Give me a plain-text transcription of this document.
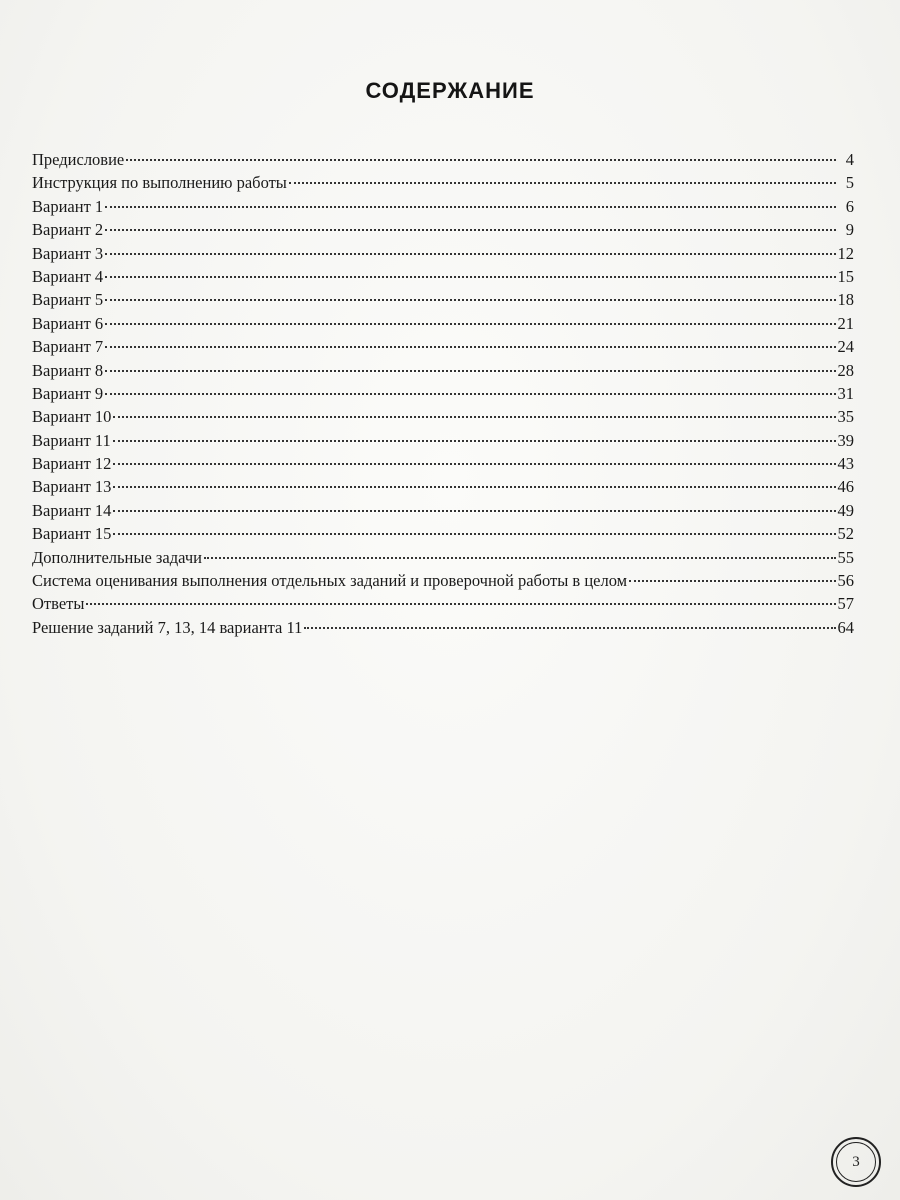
СОДЕРЖАНИЕ
Предисловие	4
Инструкция по выполнению работы	5
Вариант 1	6
Вариант 2	9
Вариант 3	12
Вариант 4	15
Вариант 5	18
Вариант 6	21
Вариант 7	24
Вариант 8	28
Вариант 9	31
Вариант 10	35
Вариант 11	39
Вариант 12	43
Вариант 13	46
Вариант 14	49
Вариант 15	52
Дополнительные задачи	55
Система оценивания выполнения отдельных заданий и проверочной работы в целом	56
Ответы	57
Решение заданий 7, 13, 14 варианта 11	64
3
